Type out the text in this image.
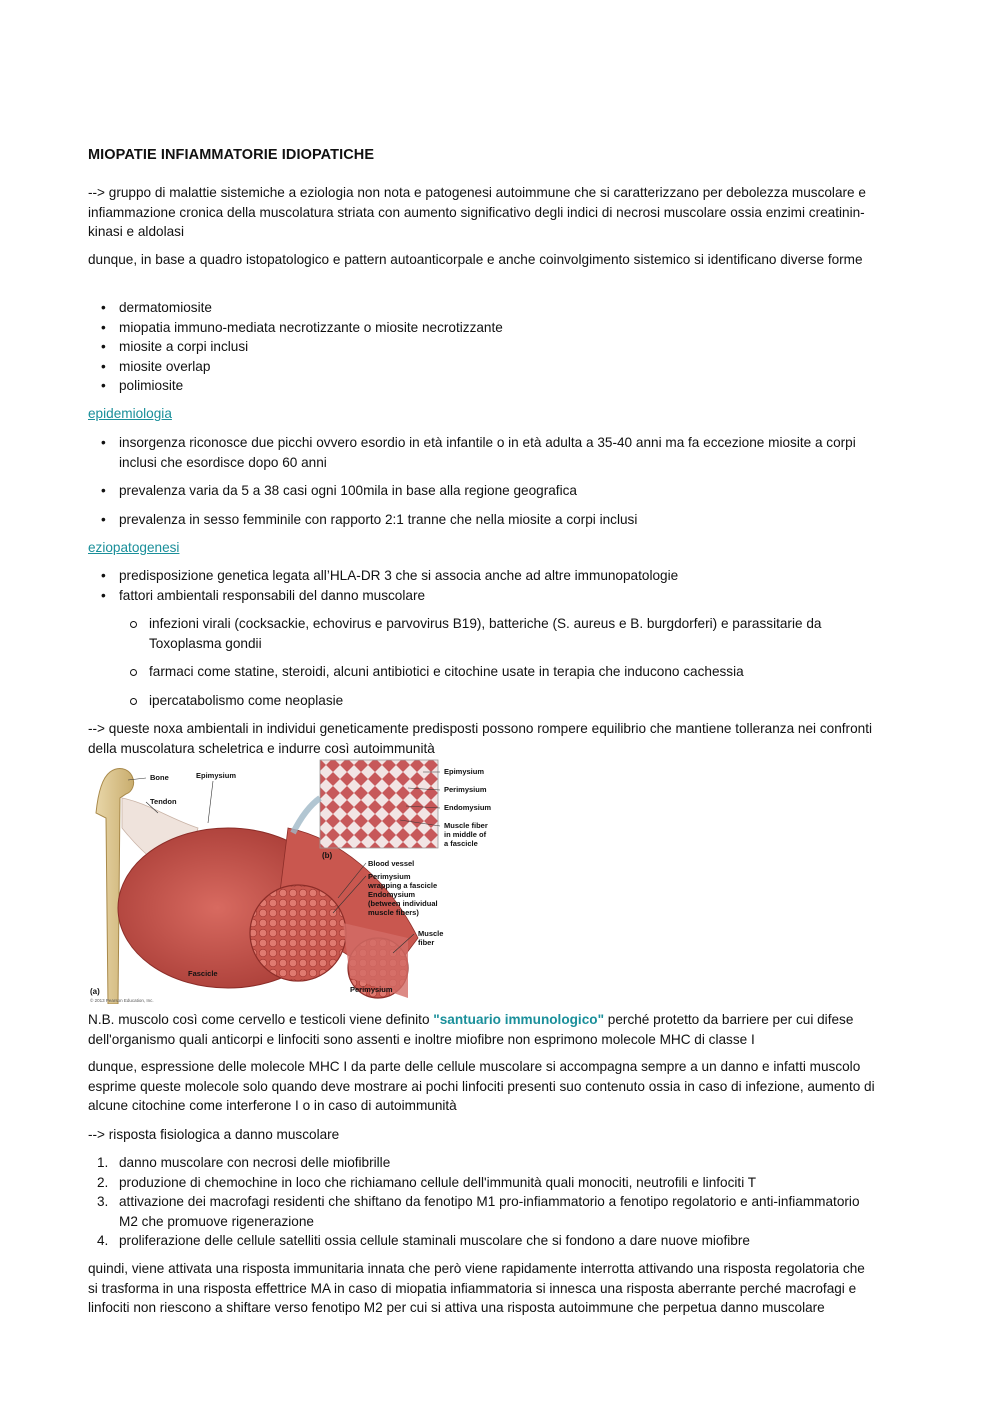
MIOPATIE INFIAMMATORIE IDIOPATICHE

--> gruppo di malattie sistemiche a eziologia non nota e patogenesi autoimmune che si caratterizzano per debolezza muscolare e infiammazione cronica della muscolatura striata con aumento significativo degli indici di necrosi muscolare ossia enzimi creatinin-kinasi e aldolasi

dunque, in base a quadro istopatologico e pattern autoanticorpale e anche coinvolgimento sistemico si identificano diverse forme

• dermatomiosite
• miopatia immuno-mediata necrotizzante o miosite necrotizzante
• miosite a corpi inclusi
• miosite overlap
• polimiosite
epidemiologia
• insorgenza riconosce due picchi ovvero esordio in età infantile o in età adulta a 35-40 anni ma fa eccezione miosite a corpi inclusi che esordisce dopo 60 anni
• prevalenza varia da 5 a 38 casi ogni 100mila in base alla regione geografica
• prevalenza in sesso femminile con rapporto 2:1 tranne che nella miosite a corpi inclusi
eziopatogenesi
• predisposizione genetica legata all’HLA-DR 3 che si associa anche ad altre immunopatologie
• fattori ambientali responsabili del danno muscolare
infezioni virali (cocksackie, echovirus e parvovirus B19), batteriche (S. aureus e B. burgdorferi) e parassitarie da Toxoplasma gondii
farmaci come statine, steroidi, alcuni antibiotici e citochine usate in terapia che inducono cachessia
ipercatabolismo come neoplasie

--> queste noxa ambientali in individui geneticamente predisposti possono rompere equilibrio che mantiene tolleranza nei confronti della muscolatura scheletrica e indurre così autoimmunità

N.B. muscolo così come cervello e testicoli viene definito "santuario immunologico" perché protetto da barriere per cui difese dell'organismo quali anticorpi e linfociti sono assenti e inoltre miofibre non esprimono molecole MHC di classe I

dunque, espressione delle molecole MHC I da parte delle cellule muscolare si accompagna sempre a un danno e infatti muscolo esprime queste molecole solo quando deve mostrare ai pochi linfociti presenti suo contenuto ossia in caso di infezione, aumento di alcune citochine come interferone I o in caso di autoimmunità

--> risposta fisiologica a danno muscolare

1. danno muscolare con necrosi delle miofibrille
2. produzione di chemochine in loco che richiamano cellule dell'immunità quali monociti, neutrofili e linfociti T
3. attivazione dei macrofagi residenti che shiftano da fenotipo M1 pro-infiammatorio a fenotipo regolatorio e anti-infiammatorio M2 che promuove rigenerazione
4. proliferazione delle cellule satelliti ossia cellule staminali muscolare che si fondono a dare nuove miofibre

quindi, viene attivata una risposta immunitaria innata che però viene rapidamente interrotta attivando una risposta regolatoria che si trasforma in una risposta effettrice MA in caso di miopatia infiammatoria si innesca una risposta aberrante perché macrofagi e linfociti non riescono a shiftare verso fenotipo M2 per cui si attiva una risposta autoimmune che perpetua danno muscolare

Bone
Tendon
Epimysium
Blood vessel
Perimysium
wrapping a fascicle
Endomysium
(between individual
muscle fibers)
Muscle
fiber
Fascicle
Perimysium
(a)
Epimysium
Perimysium
Endomysium
Muscle fiber
in middle of
a fascicle
(b)
© 2013 Pearson Education, Inc.
